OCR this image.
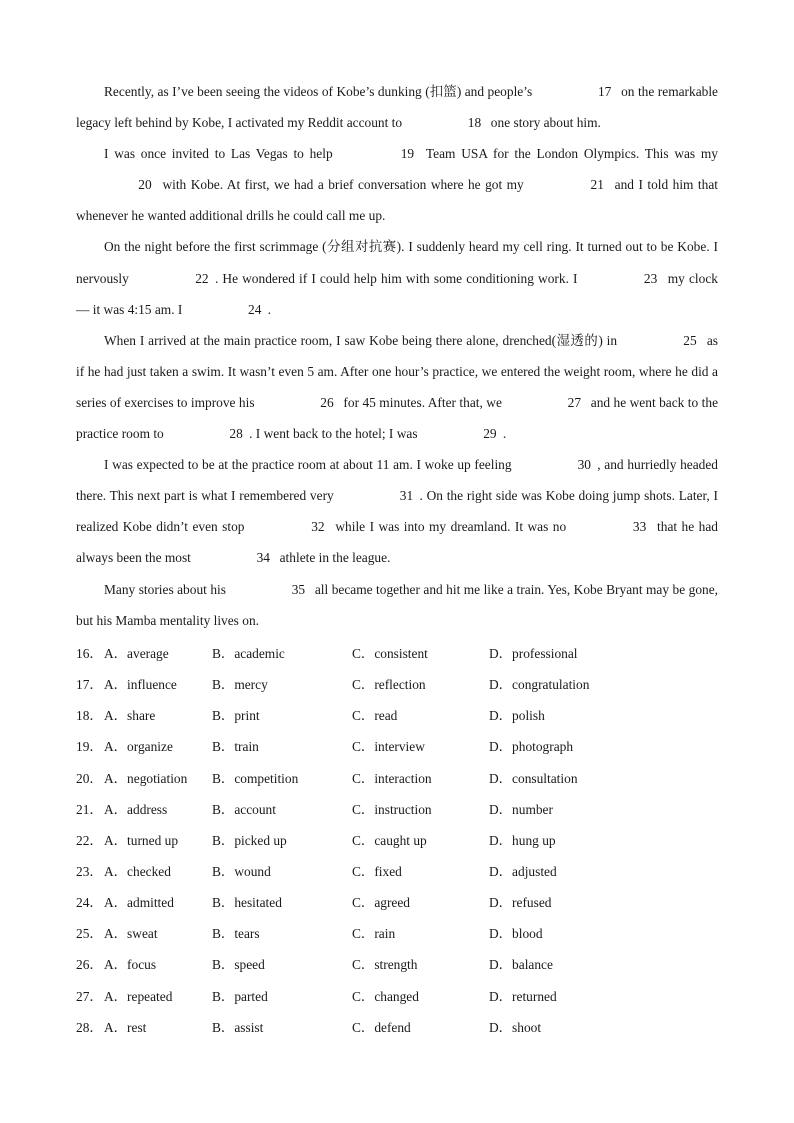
Recently, as I’ve been seeing the videos of Kobe’s dunking (扣篮) and people’s	17 on the remarkable legacy left behind by Kobe, I activated my Reddit account to	18 one story about him.

I was once invited to Las Vegas to help	19 Team USA for the London Olympics. This was my 20 with Kobe. At first, we had a brief conversation where he got my	21 and I told him that whenever he wanted additional drills he could call me up.

On the night before the first scrimmage (分组对抗赛). I suddenly heard my cell ring. It turned out to be Kobe. I nervously	22 . He wondered if I could help him with some conditioning work. I	23 my clock — it was 4:15 am. I	24 .

When I arrived at the main practice room, I saw Kobe being there alone, drenched(湿透的) in	25 as if he had just taken a swim. It wasn’t even 5 am. After one hour’s practice, we entered the weight room, where he did a series of exercises to improve his	26 for 45 minutes. After that, we	27 and he went back to the practice room to	28 . I went back to the hotel; I was	29 .

I was expected to be at the practice room at about 11 am. I woke up feeling	30 , and hurriedly headed there. This next part is what I remembered very	31 . On the right side was Kobe doing jump shots. Later, I realized Kobe didn’t even stop	32 while I was into my dreamland. It was no	33 that he had always been the most	34 athlete in the league.

Many stories about his	35 all became together and hit me like a train. Yes, Kobe Bryant may be gone, but his Mamba mentality lives on.

16． A．average	B．academic	C．consistent	D．professional
17． A．influence	B．mercy	C．reflection	D．congratulation
18． A．share	B．print	C．read	D．polish
19． A．organize	B．train	C．interview	D．photograph
20． A．negotiation B．competition	C．interaction	D．consultation
21． A．address	B．account	C．instruction	D．number
22． A．turned up	B．picked up	C．caught up	D．hung up
23． A．checked	B．wound	C．fixed	D．adjusted
24． A．admitted	B．hesitated	C．agreed	D．refused
25． A．sweat	B．tears	C．rain	D．blood
26． A．focus	B．speed	C．strength	D．balance
27． A．repeated	B．parted	C．changed	D．returned
28． A．rest	B．assist	C．defend	D．shoot
